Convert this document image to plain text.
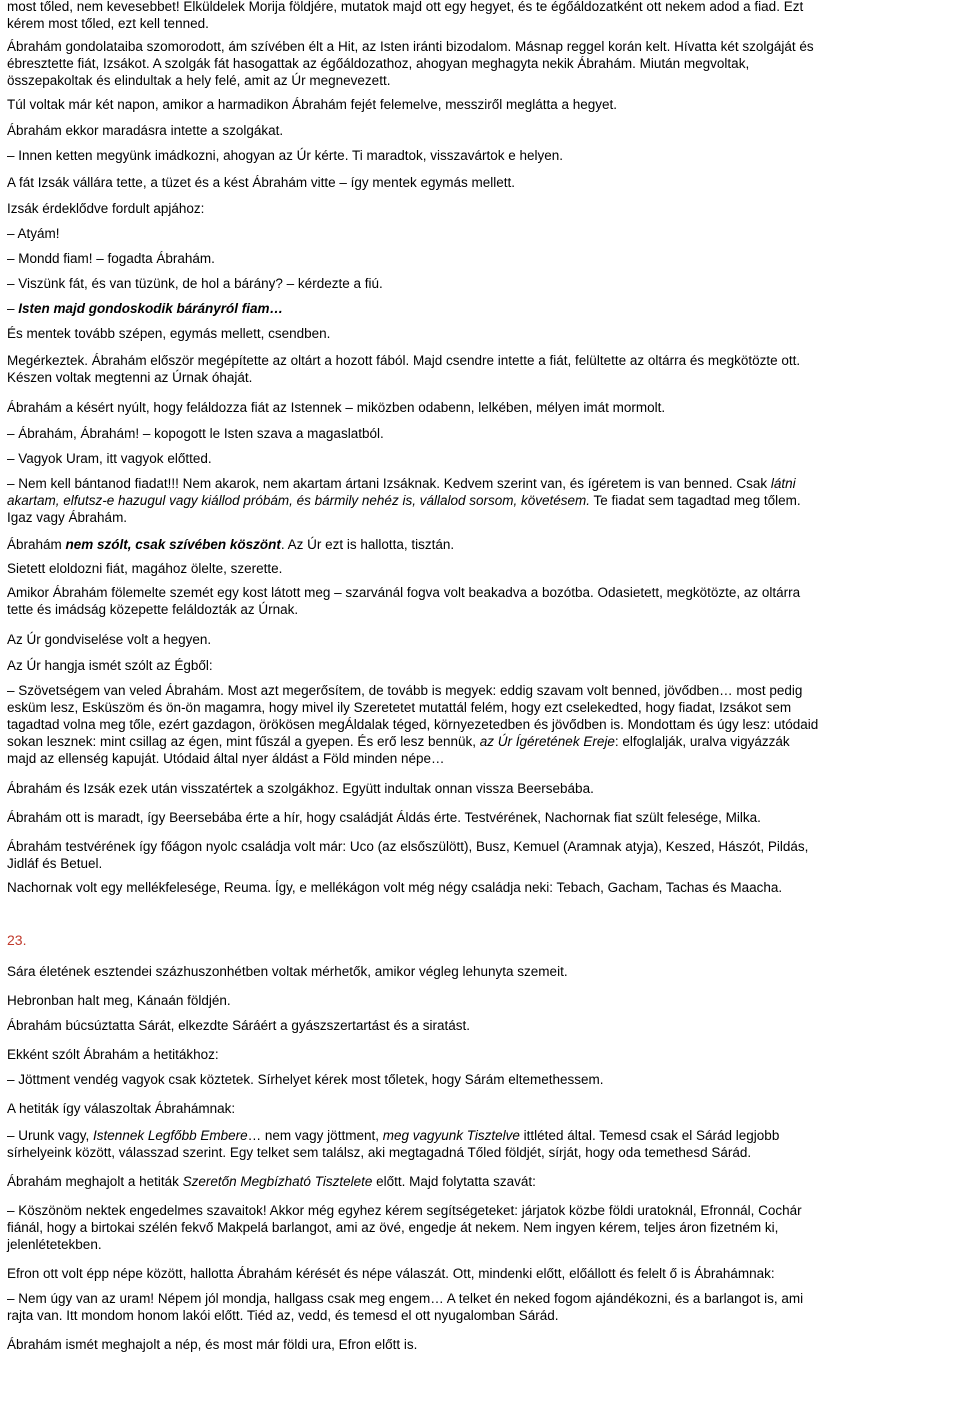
most tőled, nem kevesebbet! Elküldelek Morija földjére, mutatok majd ott egy hegyet, és te égőáldozatként ott nekem adod a fiad. Ezt
kérem most tőled, ezt kell tenned.
Ábrahám gondolataiba szomorodott, ám szívében élt a Hit, az Isten iránti bizodalom. Másnap reggel korán kelt. Hívatta két szolgáját és
ébresztette fiát, Izsákot. A szolgák fát hasogattak az égőáldozathoz, ahogyan meghagyta nekik Ábrahám. Miután megvoltak,
összepakoltak és elindultak a hely felé, amit az Úr megnevezett.
Túl voltak már két napon, amikor a harmadikon Ábrahám fejét felemelve, messziről meglátta a hegyet.
Ábrahám ekkor maradásra intette a szolgákat.
– Innen ketten megyünk imádkozni, ahogyan az Úr kérte. Ti maradtok, visszavártok e helyen.
A fát Izsák vállára tette, a tüzet és a kést Ábrahám vitte – így mentek egymás mellett.
Izsák érdeklődve fordult apjához:
– Atyám!
– Mondd fiam! – fogadta Ábrahám.
– Viszünk fát, és van tüzünk, de hol a bárány? – kérdezte a fiú.
– Isten majd gondoskodik bárányról fiam…
És mentek tovább szépen, egymás mellett, csendben.
Megérkeztek. Ábrahám először megépítette az oltárt a hozott fából. Majd csendre intette a fiát, felültette az oltárra és megkötözte ott.
Készen voltak megtenni az Úrnak óhaját.
Ábrahám a késért nyúlt, hogy feláldozza fiát az Istennek – miközben odabenn, lelkében, mélyen imát mormolt.
– Ábrahám, Ábrahám! – kopogott le Isten szava a magaslatból.
– Vagyok Uram, itt vagyok előtted.
– Nem kell bántanod fiadat!!! Nem akarok, nem akartam ártani Izsáknak. Kedvem szerint van, és ígéretem is van benned. Csak látni
akartam, elfutsz-e hazugul vagy kiállod próbám, és bármily nehéz is, vállalod sorsom, követésem. Te fiadat sem tagadtad meg tőlem.
Igaz vagy Ábrahám.
Ábrahám nem szólt, csak szívében köszönt. Az Úr ezt is hallotta, tisztán.
Sietett eloldozni fiát, magához ölelte, szerette.
Amikor Ábrahám fölemelte szemét egy kost látott meg – szarvánál fogva volt beakadva a bozótba. Odasietett, megkötözte, az oltárra
tette és imádság közepette feláldozták az Úrnak.
Az Úr gondviselése volt a hegyen.
Az Úr hangja ismét szólt az Égből:
– Szövetségem van veled Ábrahám. Most azt megerősítem, de tovább is megyek: eddig szavam volt benned, jövődben… most pedig
esküm lesz, Esküszöm és ön-ön magamra, hogy mivel ily Szeretetet mutattál felém, hogy ezt cselekedted, hogy fiadat, Izsákot sem
tagadtad volna meg tőle, ezért gazdagon, örökösen megÁldalak téged, környezetedben és jövődben is. Mondottam és úgy lesz: utódaid
sokan lesznek: mint csillag az égen, mint fűszál a gyepen. És erő lesz bennük, az Úr Ígéretének Ereje: elfoglalják, uralva vigyázzák
majd az ellenség kapuját. Utódaid által nyer áldást a Föld minden népe…
Ábrahám és Izsák ezek után visszatértek a szolgákhoz. Együtt indultak onnan vissza Beersebába.
Ábrahám ott is maradt, így Beersebába érte a hír, hogy családját Áldás érte. Testvérének, Nachornak fiat szült felesége, Milka.
Ábrahám testvérének így főágon nyolc családja volt már: Uco (az elsőszülött), Busz, Kemuel (Aramnak atyja), Keszed, Hászót, Pildás,
Jidláf és Betuel.
Nachornak volt egy mellékfelesége, Reuma. Így, e mellékágon volt még négy családja neki: Tebach, Gacham, Tachas és Maacha.
23.
Sára életének esztendei százhuszonhétben voltak mérhetők, amikor végleg lehunyta szemeit.
Hebronban halt meg, Kánaán földjén.
Ábrahám búcsúztatta Sárát, elkezdte Sáráért a gyászszertartást és a siratást.
Ekként szólt Ábrahám a hetitákhoz:
– Jöttment vendég vagyok csak köztetek. Sírhelyet kérek most tőletek, hogy Sárám eltemethessem.
A hetiták így válaszoltak Ábrahámnak:
– Urunk vagy, Istennek Legfőbb Embere… nem vagy jöttment, meg vagyunk Tisztelve ittléted által. Temesd csak el Sárád legjobb
sírhelyeink között, válasszad szerint. Egy telket sem találsz, aki megtagadná Tőled földjét, sírját, hogy oda temethesd Sárád.
Ábrahám meghajolt a hetiták Szeretőn Megbízható Tisztelete előtt. Majd folytatta szavát:
– Köszönöm nektek engedelmes szavaitok! Akkor még egyhez kérem segítségeteket: járjatok közbe földi uratoknál, Efronnál, Cochár
fiánál, hogy a birtokai szélén fekvő Makpelá barlangot, ami az övé, engedje át nekem. Nem ingyen kérem, teljes áron fizetném ki,
jelenlétetekben.
Efron ott volt épp népe között, hallotta Ábrahám kérését és népe válaszát. Ott, mindenki előtt, előállott és felelt ő is Ábrahámnak:
– Nem úgy van az uram! Népem jól mondja, hallgass csak meg engem… A telket én neked fogom ajándékozni, és a barlangot is, ami
rajta van. Itt mondom honom lakói előtt. Tiéd az, vedd, és temesd el ott nyugalomban Sárád.
Ábrahám ismét meghajolt a nép, és most már földi ura, Efron előtt is.
